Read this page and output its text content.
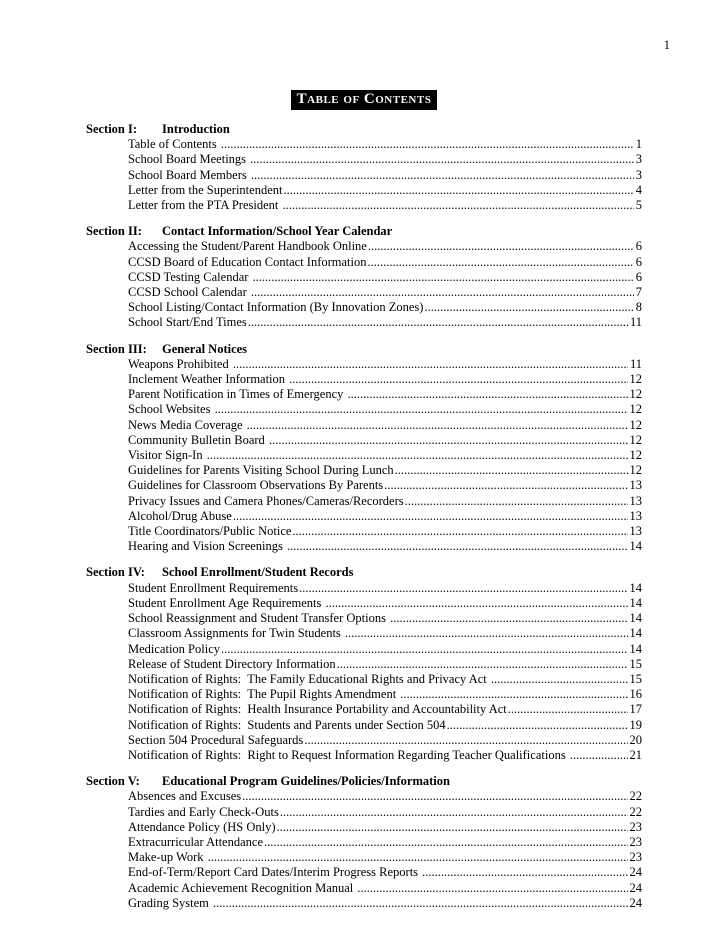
1
Table of Contents
Section I: Introduction
Table of Contents .....	1
School Board Meetings .....	3
School Board Members .....	3
Letter from the Superintendent .....	4
Letter from the PTA President .....	5
Section II: Contact Information/School Year Calendar
Accessing the Student/Parent Handbook Online .....	6
CCSD Board of Education Contact Information .....	6
CCSD Testing Calendar .....	6
CCSD School Calendar .....	7
School Listing/Contact Information (By Innovation Zones) .....	8
School Start/End Times .....	11
Section III: General Notices
Weapons Prohibited .....	11
Inclement Weather Information .....	12
Parent Notification in Times of Emergency .....	12
School Websites .....	12
News Media Coverage .....	12
Community Bulletin Board .....	12
Visitor Sign-In .....	12
Guidelines for Parents Visiting School During Lunch .....	12
Guidelines for Classroom Observations By Parents .....	13
Privacy Issues and Camera Phones/Cameras/Recorders .....	13
Alcohol/Drug Abuse .....	13
Title Coordinators/Public Notice .....	13
Hearing and Vision Screenings .....	14
Section IV: School Enrollment/Student Records
Student Enrollment Requirements .....	14
Student Enrollment Age Requirements .....	14
School Reassignment and Student Transfer Options .....	14
Classroom Assignments for Twin Students .....	14
Medication Policy .....	14
Release of Student Directory Information .....	15
Notification of Rights:  The Family Educational Rights and Privacy Act .....	15
Notification of Rights:  The Pupil Rights Amendment .....	16
Notification of Rights:  Health Insurance Portability and Accountability Act .....	17
Notification of Rights:  Students and Parents under Section 504 .....	19
Section 504 Procedural Safeguards .....	20
Notification of Rights:  Right to Request Information Regarding Teacher Qualifications .....	21
Section V: Educational Program Guidelines/Policies/Information
Absences and Excuses .....	22
Tardies and Early Check-Outs .....	22
Attendance Policy (HS Only) .....	23
Extracurricular Attendance .....	23
Make-up Work .....	23
End-of-Term/Report Card Dates/Interim Progress Reports .....	24
Academic Achievement Recognition Manual .....	24
Grading System .....	24
